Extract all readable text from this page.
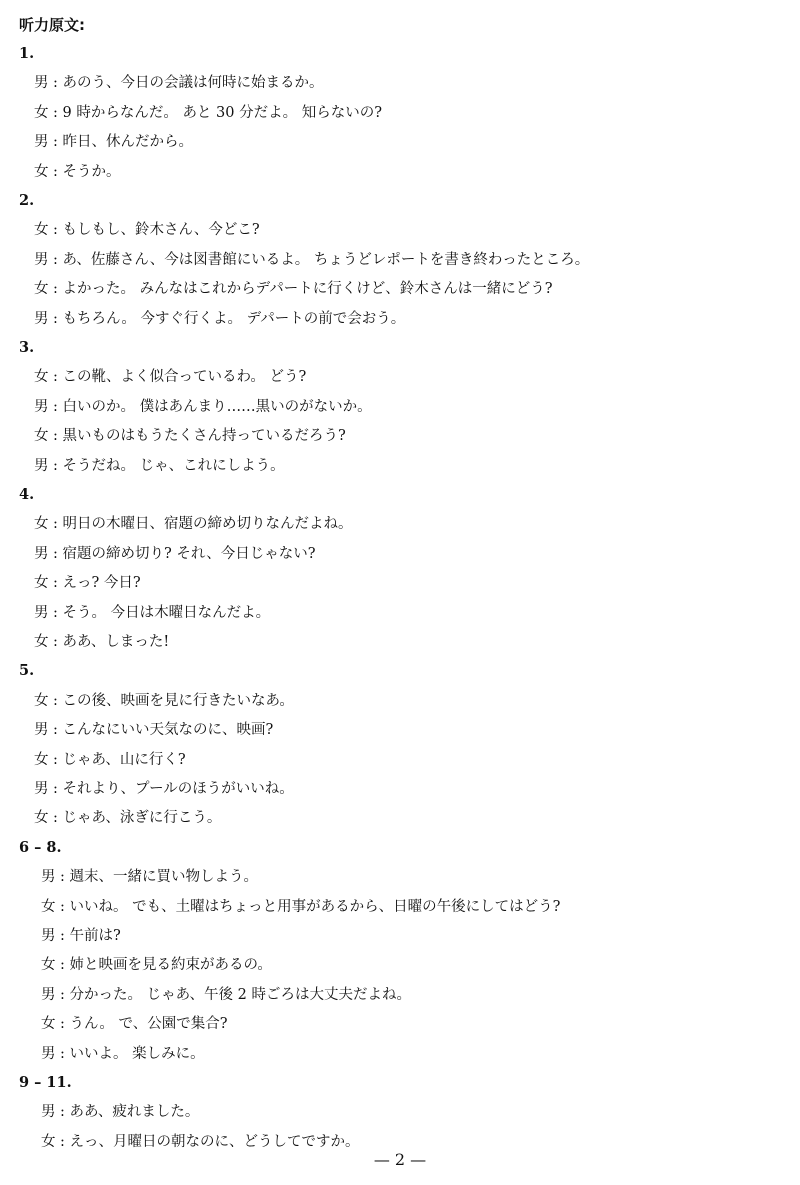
听力原文:
1.
男 : あのう、今日の会議は何時に始まるか。
女 : 9 時からなんだ。 あと 30 分だよ。 知らないの?
男 : 昨日、休んだから。
女 : そうか。
2.
女 : もしもし、鈴木さん、今どこ?
男 : あ、佐藤さん、今は図書館にいるよ。 ちょうどレポートを書き終わったところ。
女 : よかった。 みんなはこれからデパートに行くけど、鈴木さんは一緒にどう?
男 : もちろん。 今すぐ行くよ。 デパートの前で会おう。
3.
女 : この靴、よく似合っているわ。 どう?
男 : 白いのか。 僕はあんまり……黒いのがないか。
女 : 黒いものはもうたくさん持っているだろう?
男 : そうだね。 じゃ、これにしよう。
4.
女 : 明日の木曜日、宿題の締め切りなんだよね。
男 : 宿題の締め切り? それ、今日じゃない?
女 : えっ? 今日?
男 : そう。 今日は木曜日なんだよ。
女 : ああ、しまった!
5.
女 : この後、映画を見に行きたいなあ。
男 : こんなにいい天気なのに、映画?
女 : じゃあ、山に行く?
男 : それより、プールのほうがいいね。
女 : じゃあ、泳ぎに行こう。
6 – 8.
男 : 週末、一緒に買い物しよう。
女 : いいね。 でも、土曜はちょっと用事があるから、日曜の午後にしてはどう?
男 : 午前は?
女 : 姉と映画を見る約束があるの。
男 : 分かった。 じゃあ、午後 2 時ごろは大丈夫だよね。
女 : うん。 で、公園で集合?
男 : いいよ。 楽しみに。
9 – 11.
男 : ああ、疲れました。
女 : えっ、月曜日の朝なのに、どうしてですか。
— 2 —
